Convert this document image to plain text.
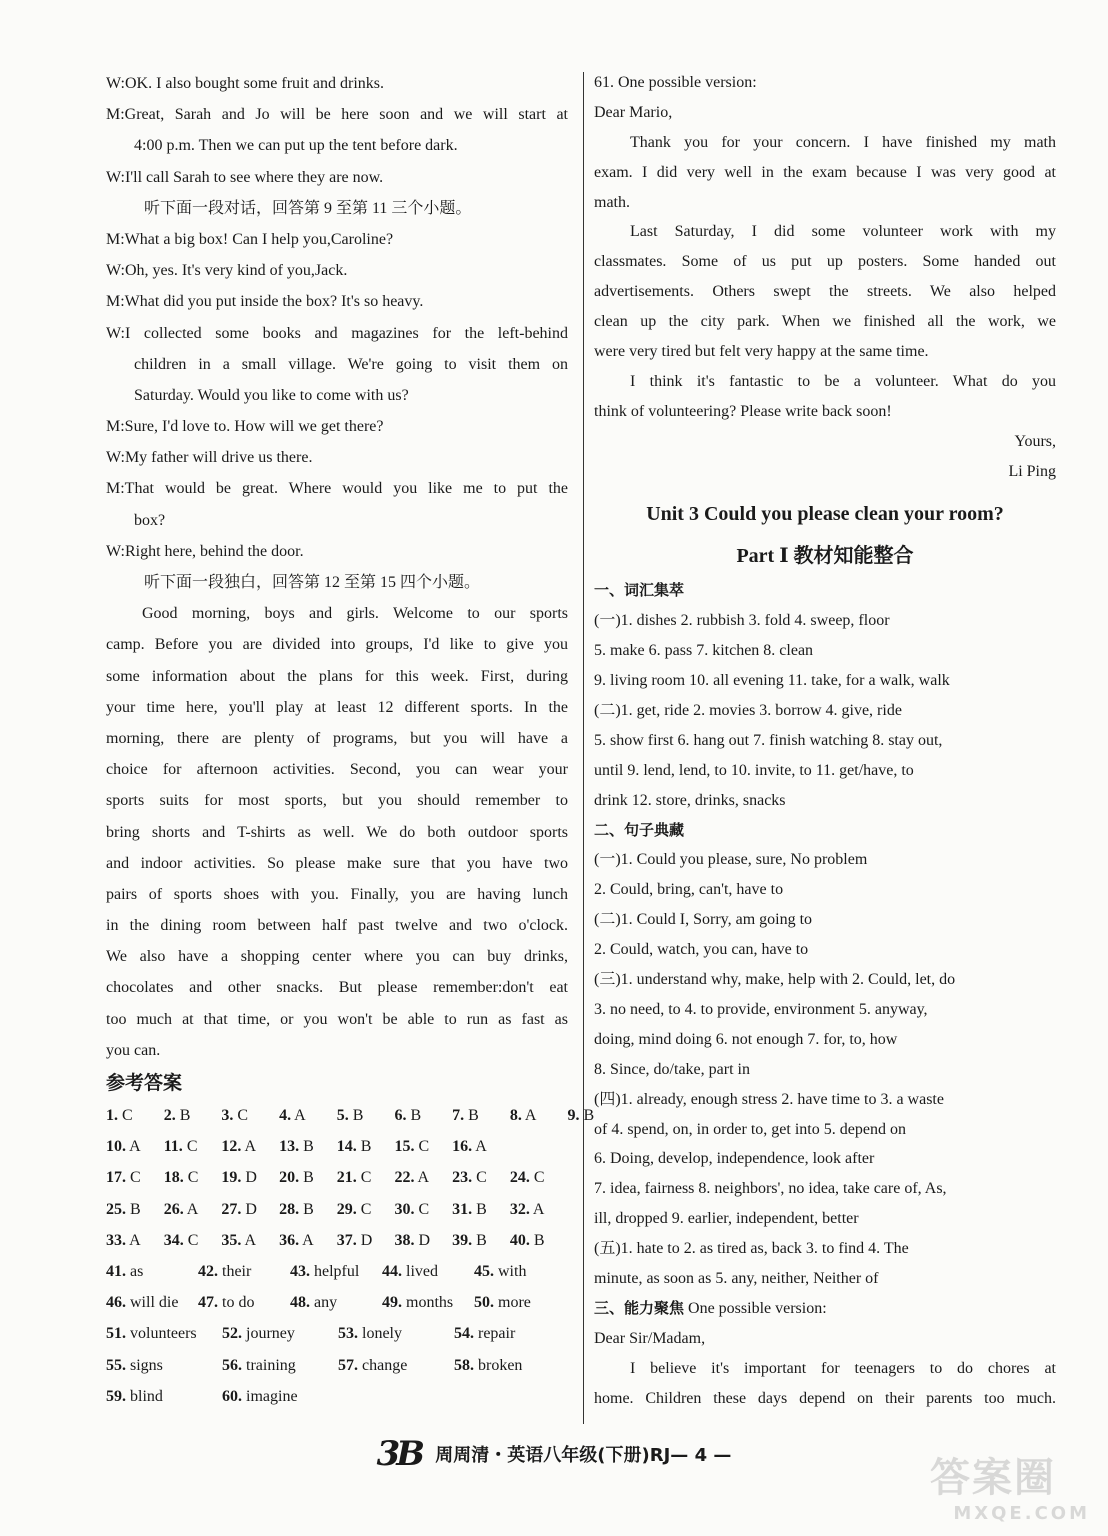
W:OK. I also bought some fruit and drinks.
M:Great, Sarah and Jo will be here soon and we will start at
4:00 p.m. Then we can put up the tent before dark.
W:I'll call Sarah to see where they are now.
听下面一段对话，回答第 9 至第 11 三个小题。
M:What a big box! Can I help you,Caroline?
W:Oh, yes. It's very kind of you,Jack.
M:What did you put inside the box? It's so heavy.
W:I collected some books and magazines for the left-behind
children in a small village. We're going to visit them on
Saturday. Would you like to come with us?
M:Sure, I'd love to. How will we get there?
W:My father will drive us there.
M:That would be great. Where would you like me to put the
box?
W:Right here, behind the door.
听下面一段独白，回答第 12 至第 15 四个小题。
Good morning, boys and girls. Welcome to our sports
camp. Before you are divided into groups, I'd like to give you
some information about the plans for this week. First, during
your time here, you'll play at least 12 different sports. In the
morning, there are plenty of programs, but you will have a
choice for afternoon activities. Second, you can wear your
sports suits for most sports, but you should remember to
bring shorts and T-shirts as well. We do both outdoor sports
and indoor activities. So please make sure that you have two
pairs of sports shoes with you. Finally, you are having lunch
in the dining room between half past twelve and two o'clock.
We also have a shopping center where you can buy drinks,
chocolates and other snacks. But please remember:don't eat
too much at that time, or you won't be able to run as fast as
you can.
参考答案
1. C 2. B 3. C 4. A 5. B 6. B 7. B 8. A 9. B
10. A 11. C 12. A 13. B 14. B 15. C 16. A
17. C 18. C 19. D 20. B 21. C 22. A 23. C 24. C
25. B 26. A 27. D 28. B 29. C 30. C 31. B 32. A
33. A 34. C 35. A 36. A 37. D 38. D 39. B 40. B
41. as	42. their 43. helpful 44. lived 45. with
46. will die 47. to do 48. any	49. months 50. more
51. volunteers 52. journey	53. lonely	54. repair
55. signs	56. training	57. change	58. broken
59. blind	60. imagine
61. One possible version:
Dear Mario,
Thank you for your concern. I have finished my math
exam. I did very well in the exam because I was very good at
math.
Last Saturday, I did some volunteer work with my
classmates. Some of us put up posters. Some handed out
advertisements. Others swept the streets. We also helped
clean up the city park. When we finished all the work, we
were very tired but felt very happy at the same time.
I think it's fantastic to be a volunteer. What do you
think of volunteering? Please write back soon!
Yours,
Li Ping
Unit 3 Could you please clean your room?
Part Ⅰ 教材知能整合
一、词汇集萃
(一)1. dishes 2. rubbish 3. fold 4. sweep, floor
5. make 6. pass 7. kitchen 8. clean
9. living room 10. all evening 11. take, for a walk, walk
(二)1. get, ride 2. movies 3. borrow 4. give, ride
5. show first 6. hang out 7. finish watching 8. stay out,
until 9. lend, lend, to 10. invite, to 11. get/have, to
drink 12. store, drinks, snacks
二、句子典藏
(一)1. Could you please, sure, No problem
2. Could, bring, can't, have to
(二)1. Could I, Sorry, am going to
2. Could, watch, you can, have to
(三)1. understand why, make, help with 2. Could, let, do
3. no need, to 4. to provide, environment 5. anyway,
doing, mind doing 6. not enough 7. for, to, how
8. Since, do/take, part in
(四)1. already, enough stress 2. have time to 3. a waste
of 4. spend, on, in order to, get into 5. depend on
6. Doing, develop, independence, look after
7. idea, fairness 8. neighbors', no idea, take care of, As,
ill, dropped 9. earlier, independent, better
(五)1. hate to 2. as tired as, back 3. to find 4. The
minute, as soon as 5. any, neither, Neither of
三、能力聚焦 One possible version:
Dear Sir/Madam,
I believe it's important for teenagers to do chores at
home. Children these days depend on their parents too much.
3B 周周清・英语八年级(下册)RJ— 4 —	答案圈
MXQE.COM
